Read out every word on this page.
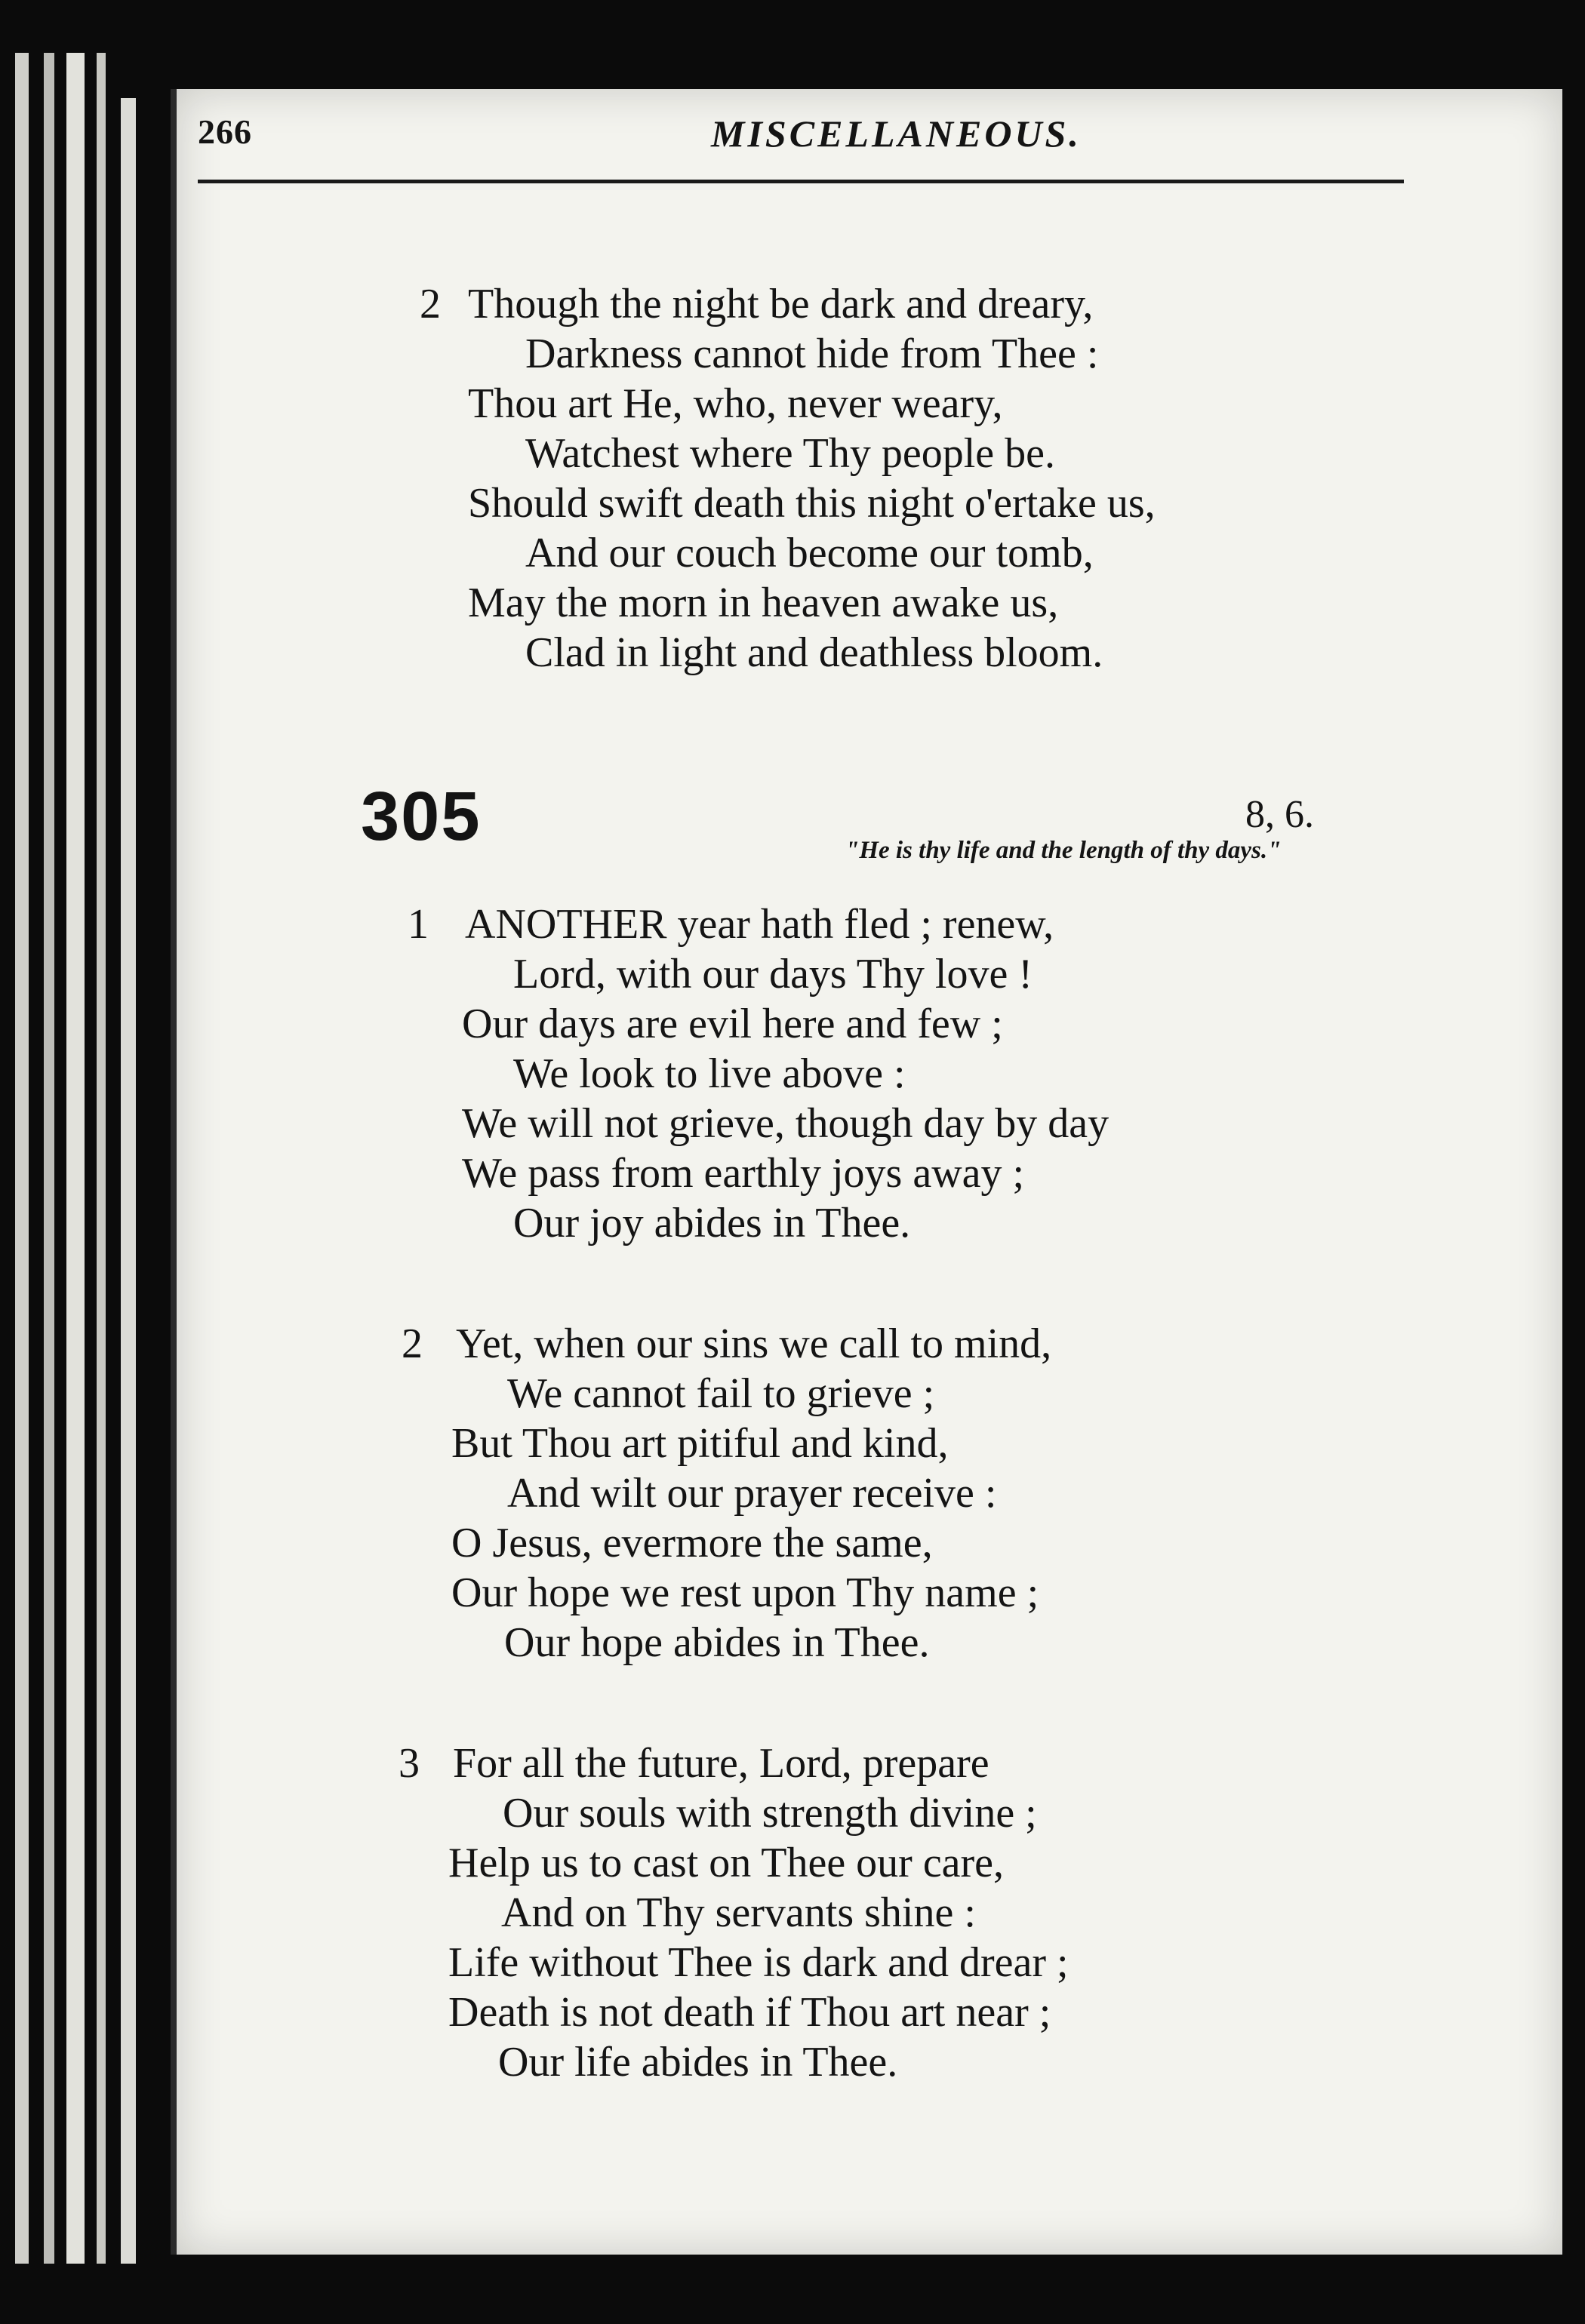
266	MISCELLANEOUS.
2 Though the night be dark and dreary,
Darkness cannot hide from Thee :
Thou art He, who, never weary,
Watchest where Thy people be.
Should swift death this night o'ertake us,
And our couch become our tomb,
May the morn in heaven awake us,
Clad in light and deathless bloom.
305	8, 6.
"He is thy life and the length of thy days."
1 ANOTHER year hath fled ; renew,
Lord, with our days Thy love !
Our days are evil here and few ;
We look to live above :
We will not grieve, though day by day
We pass from earthly joys away ;
Our joy abides in Thee.
2 Yet, when our sins we call to mind,
We cannot fail to grieve ;
But Thou art pitiful and kind,
And wilt our prayer receive :
O Jesus, evermore the same,
Our hope we rest upon Thy name ;
Our hope abides in Thee.
3 For all the future, Lord, prepare
Our souls with strength divine ;
Help us to cast on Thee our care,
And on Thy servants shine :
Life without Thee is dark and drear ;
Death is not death if Thou art near ;
Our life abides in Thee.
